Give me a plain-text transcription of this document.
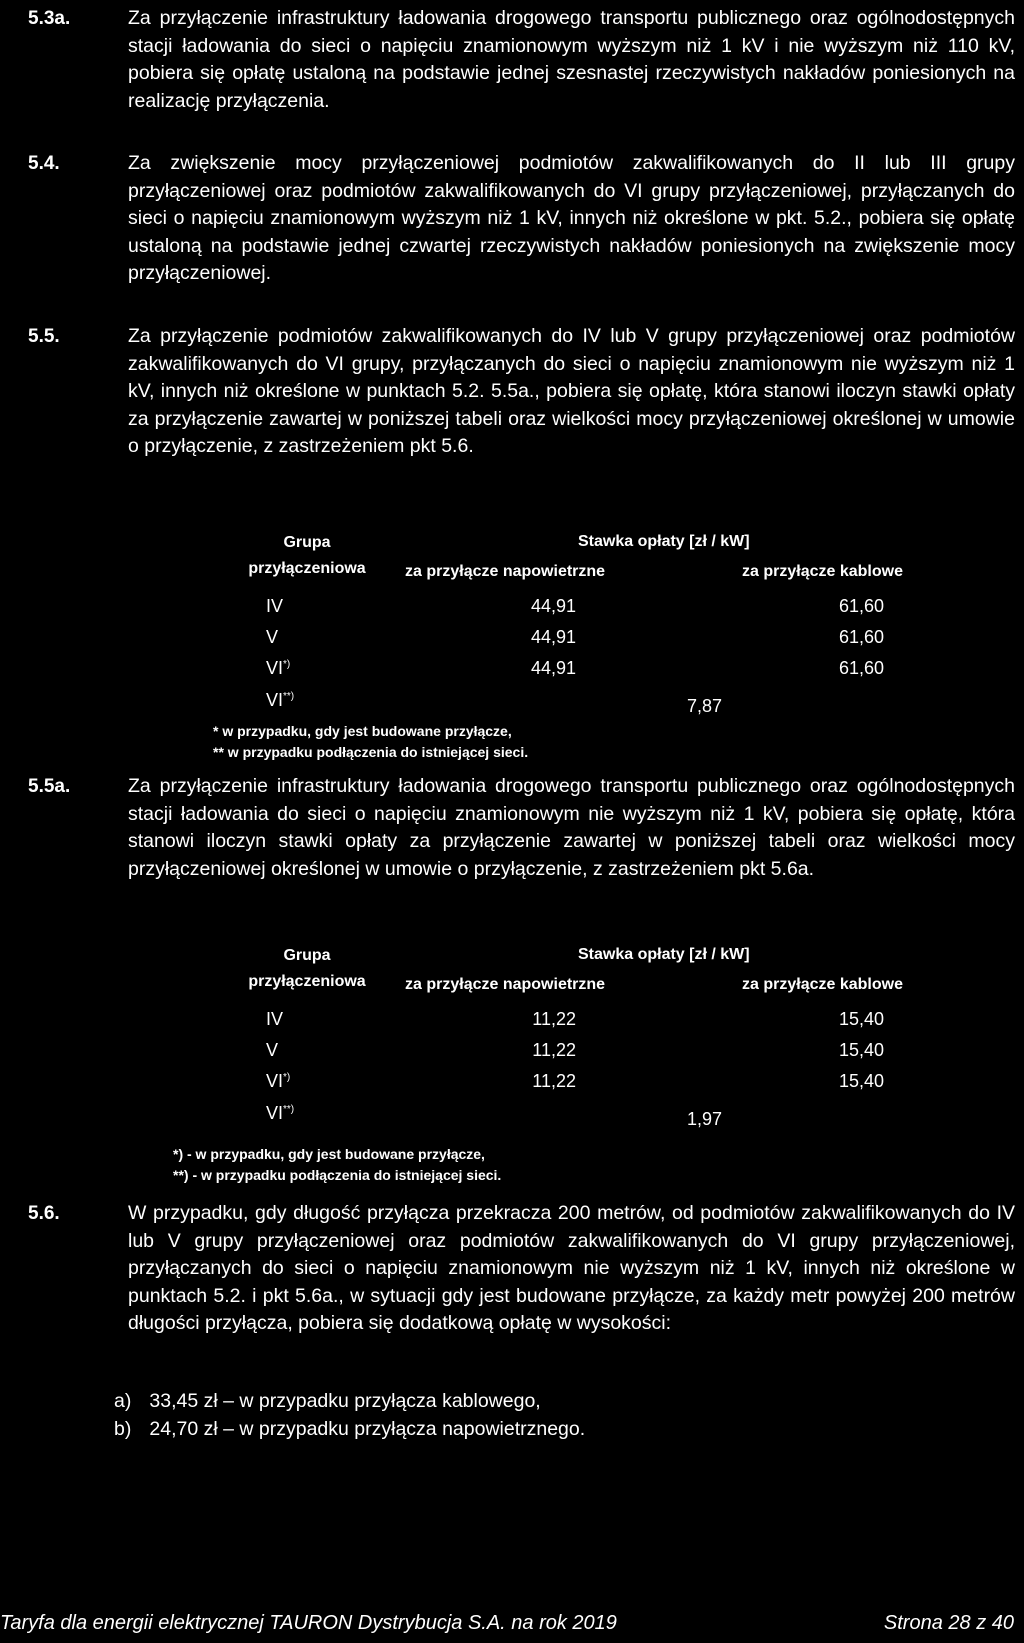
5.3a.	Za przyłączenie infrastruktury ładowania drogowego transportu publicznego oraz ogólnodostępnych stacji ładowania do sieci o napięciu znamionowym wyższym niż 1 kV i nie wyższym niż 110 kV, pobiera się opłatę ustaloną na podstawie jednej szesnastej rzeczywistych nakładów poniesionych na realizację przyłączenia.

5.4.	Za zwiększenie mocy przyłączeniowej podmiotów zakwalifikowanych do II lub III grupy przyłączeniowej oraz podmiotów zakwalifikowanych do VI grupy przyłączeniowej, przyłączanych do sieci o napięciu znamionowym wyższym niż 1 kV, innych niż określone w pkt. 5.2., pobiera się opłatę ustaloną na podstawie jednej czwartej rzeczywistych nakładów poniesionych na zwiększenie mocy przyłączeniowej.

5.5.	Za przyłączenie podmiotów zakwalifikowanych do IV lub V grupy przyłączeniowej oraz podmiotów zakwalifikowanych do VI grupy, przyłączanych do sieci o napięciu znamionowym nie wyższym niż 1 kV, innych niż określone w punktach 5.2. 5.5a., pobiera się opłatę, która stanowi iloczyn stawki opłaty za przyłączenie zawartej w poniższej tabeli oraz wielkości mocy przyłączeniowej określonej w umowie o przyłączenie, z zastrzeżeniem pkt 5.6.

Grupa
przyłączeniowa
Stawka opłaty [zł / kW]
za przyłącze napowietrzne	za przyłącze kablowe
IV	44,91	61,60
V	44,91	61,60
VI*)	44,91	61,60
VI**)	7,87
* w przypadku, gdy jest budowane przyłącze,
** w przypadku podłączenia do istniejącej sieci.
5.5a.	Za przyłączenie infrastruktury ładowania drogowego transportu publicznego oraz ogólnodostępnych stacji ładowania do sieci o napięciu znamionowym nie wyższym niż 1 kV, pobiera się opłatę, która stanowi iloczyn stawki opłaty za przyłączenie zawartej w poniższej tabeli oraz wielkości mocy przyłączeniowej określonej w umowie o przyłączenie, z zastrzeżeniem pkt 5.6a.

Grupa
przyłączeniowa
Stawka opłaty [zł / kW]
za przyłącze napowietrzne	za przyłącze kablowe
IV	11,22	15,40
V	11,22	15,40
VI*)	11,22	15,40
VI**)	1,97
*) - w przypadku, gdy jest budowane przyłącze,
**) - w przypadku podłączenia do istniejącej sieci.
5.6.	W przypadku, gdy długość przyłącza przekracza 200 metrów, od podmiotów zakwalifikowanych do IV lub V grupy przyłączeniowej oraz podmiotów zakwalifikowanych do VI grupy przyłączeniowej, przyłączanych do sieci o napięciu znamionowym nie wyższym niż 1 kV, innych niż określone w punktach 5.2. i pkt 5.6a., w sytuacji gdy jest budowane przyłącze, za każdy metr powyżej 200 metrów długości przyłącza, pobiera się dodatkową opłatę w wysokości:

a) 33,45 zł – w przypadku przyłącza kablowego,
b) 24,70 zł – w przypadku przyłącza napowietrznego.
Taryfa dla energii elektrycznej TAURON Dystrybucja S.A. na rok 2019	Strona 28 z 40
